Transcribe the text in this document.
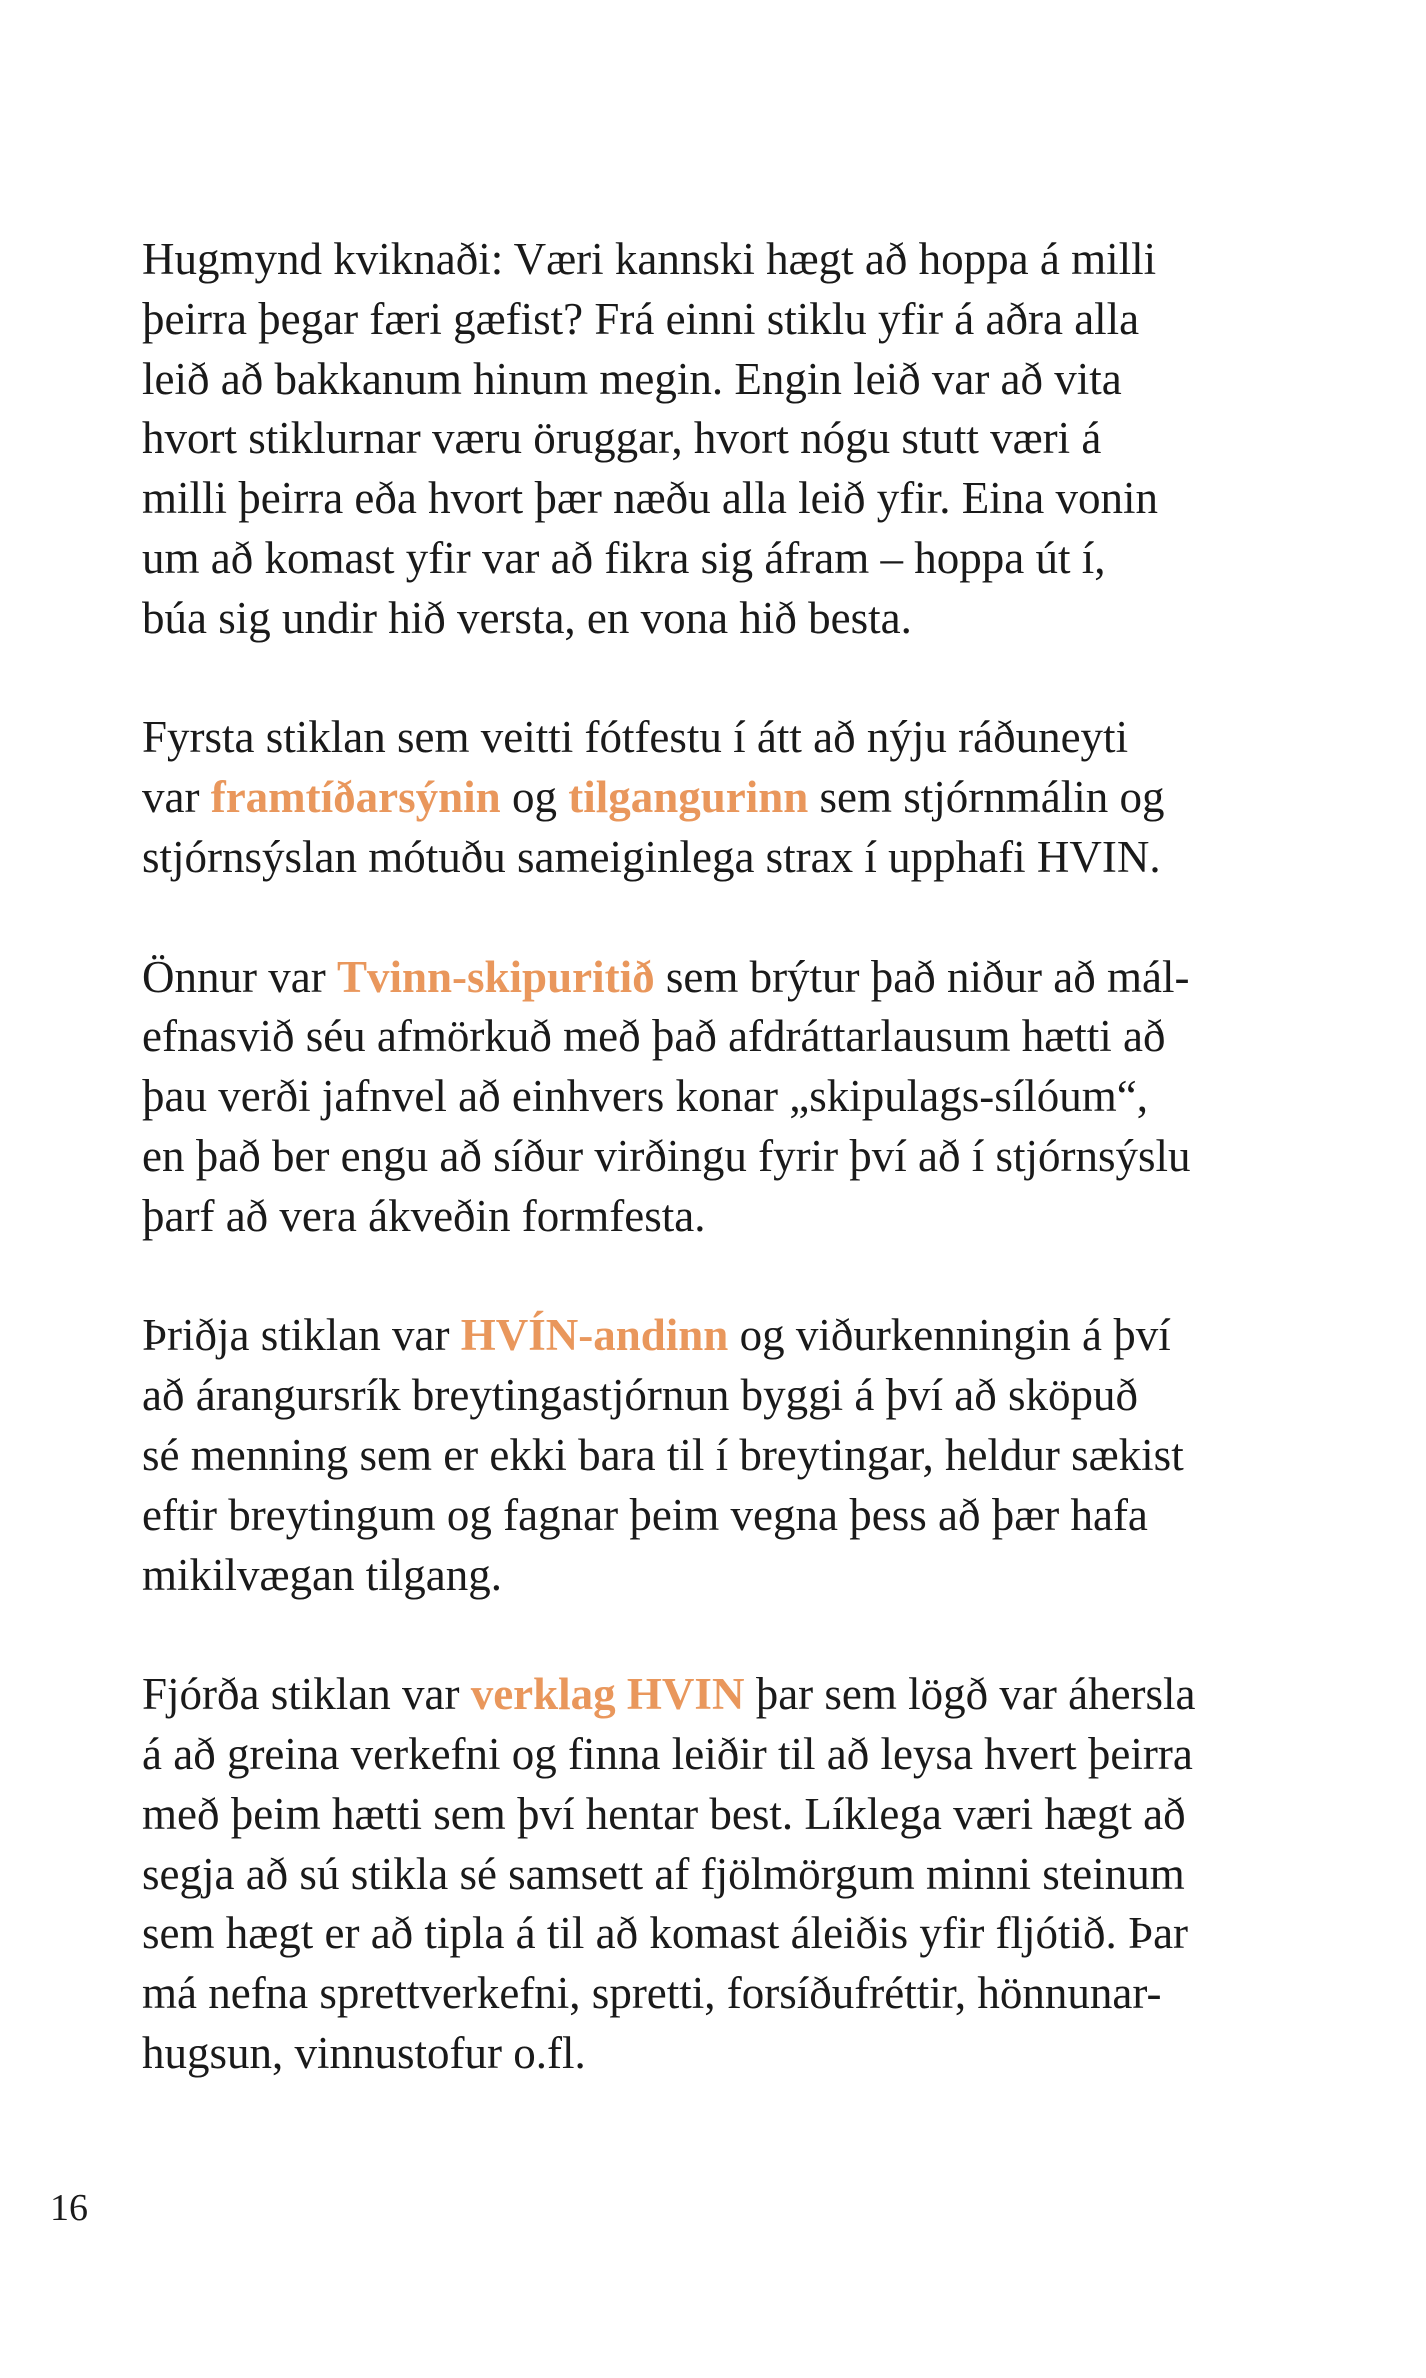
Hugmynd kviknaði: Væri kannski hægt að hoppa á milli
þeirra þegar færi gæfist? Frá einni stiklu yfir á aðra alla
leið að bakkanum hinum megin. Engin leið var að vita
hvort stiklurnar væru öruggar, hvort nógu stutt væri á
milli þeirra eða hvort þær næðu alla leið yfir. Eina vonin
um að komast yfir var að fikra sig áfram – hoppa út í,
búa sig undir hið versta, en vona hið besta.

Fyrsta stiklan sem veitti fótfestu í átt að nýju ráðuneyti
var framtíðarsýnin og tilgangurinn sem stjórnmálin og
stjórnsýslan mótuðu sameiginlega strax í upphafi HVIN.

Önnur var Tvinn-skipuritið sem brýtur það niður að mál-
efnasvið séu afmörkuð með það afdráttarlausum hætti að
þau verði jafnvel að einhvers konar „skipulags-sílóum“,
en það ber engu að síður virðingu fyrir því að í stjórnsýslu
þarf að vera ákveðin formfesta.

Þriðja stiklan var HVÍN-andinn og viðurkenningin á því
að árangursrík breytingastjórnun byggi á því að sköpuð
sé menning sem er ekki bara til í breytingar, heldur sækist
eftir breytingum og fagnar þeim vegna þess að þær hafa
mikilvægan tilgang.

Fjórða stiklan var verklag HVIN þar sem lögð var áhersla
á að greina verkefni og finna leiðir til að leysa hvert þeirra
með þeim hætti sem því hentar best. Líklega væri hægt að
segja að sú stikla sé samsett af fjölmörgum minni steinum
sem hægt er að tipla á til að komast áleiðis yfir fljótið. Þar
má nefna sprettverkefni, spretti, forsíðufréttir, hönnunar-
hugsun, vinnustofur o.fl.

16
